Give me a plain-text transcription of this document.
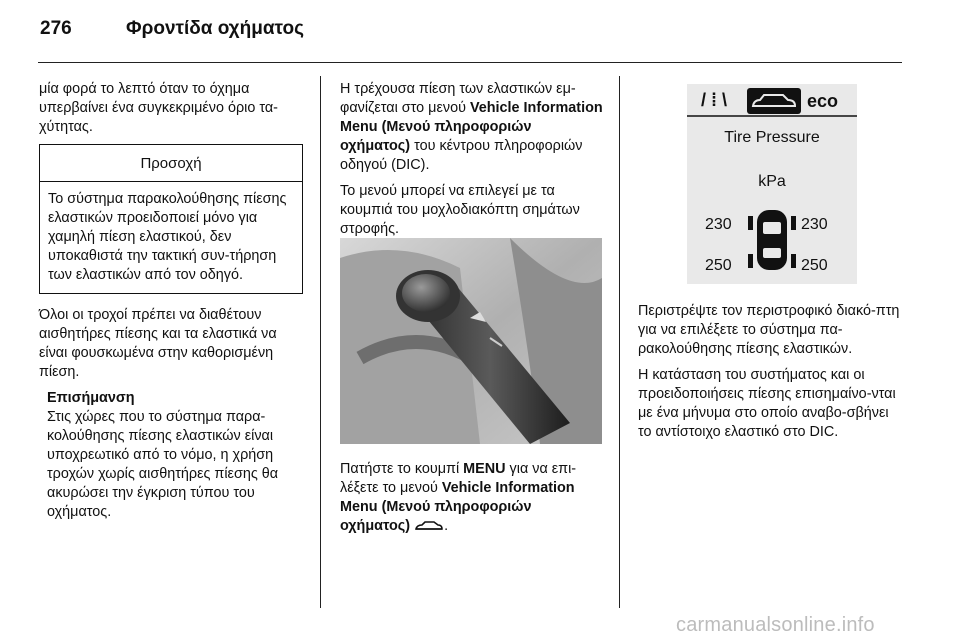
276	Φροντίδα οχήματος

μία φορά το λεπτό όταν το όχημα υπερβαίνει ένα συγκεκριμένο όριο τα-χύτητας.

Προσοχή
Το σύστημα παρακολούθησης πίεσης ελαστικών προειδοποιεί μόνο για χαμηλή πίεση ελαστικού, δεν υποκαθιστά την τακτική συν-τήρηση των ελαστικών από τον οδηγό.

Όλοι οι τροχοί πρέπει να διαθέτουν αισθητήρες πίεσης και τα ελαστικά να είναι φουσκωμένα στην καθορισμένη πίεση.

Επισήμανση
Στις χώρες που το σύστημα παρα-κολούθησης πίεσης ελαστικών είναι υποχρεωτικό από το νόμο, η χρήση τροχών χωρίς αισθητήρες πίεσης θα ακυρώσει την έγκριση τύπου του οχήματος.

Η τρέχουσα πίεση των ελαστικών εμ-φανίζεται στο μενού Vehicle Information Menu (Μενού πληροφοριών οχήματος) του κέντρου πληροφοριών οδηγού (DIC).

Το μενού μπορεί να επιλεγεί με τα κουμπιά του μοχλοδιακόπτη σημάτων στροφής.

Πατήστε το κουμπί MENU για να επι-λέξετε το μενού Vehicle Information Menu (Μενού πληροφοριών οχήματος) .

/ ⁞ \	eco
Tire Pressure
kPa
230	230
250	250

Περιστρέψτε τον περιστροφικό διακό-πτη για να επιλέξετε το σύστημα πα-ρακολούθησης πίεσης ελαστικών.

Η κατάσταση του συστήματος και οι προειδοποιήσεις πίεσης επισημαίνο-νται με ένα μήνυμα στο οποίο αναβο-σβήνει το αντίστοιχο ελαστικό στο DIC.

carmanualsonline.info
